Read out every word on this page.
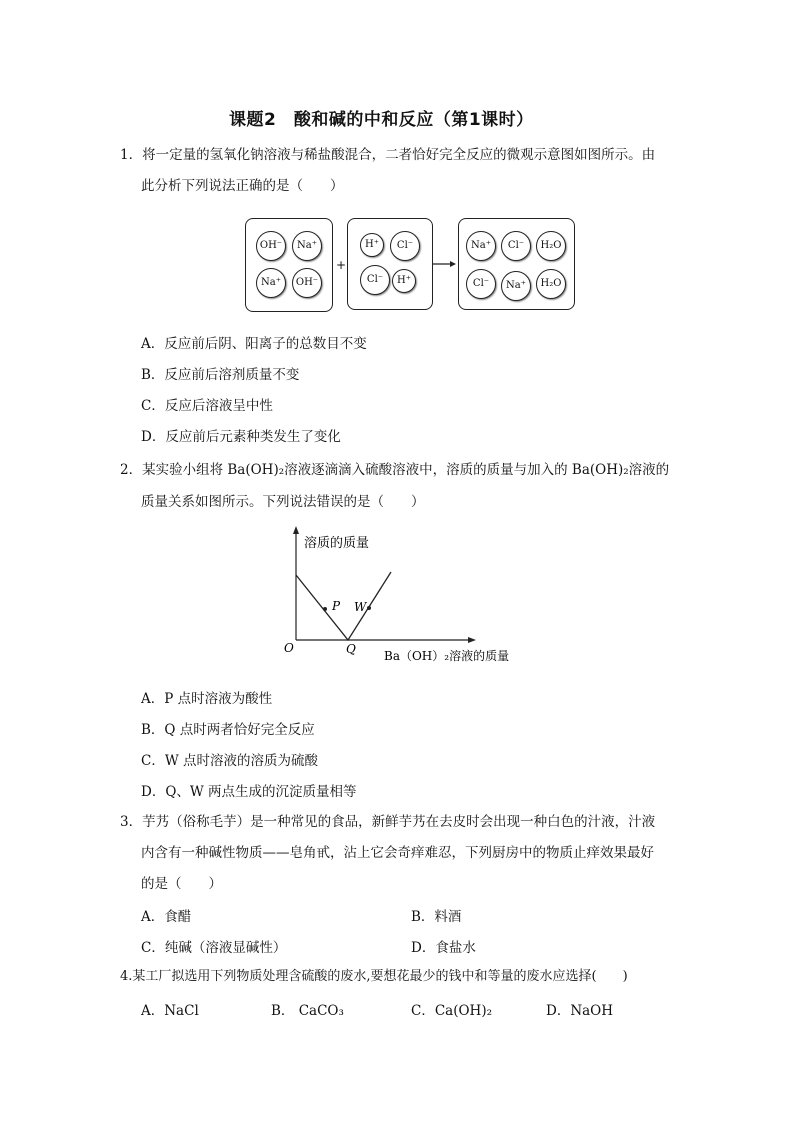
课题2　酸和碱的中和反应（第1课时）
1．将一定量的氢氧化钠溶液与稀盐酸混合，二者恰好完全反应的微观示意图如图所示。由
此分析下列说法正确的是（　　）
OH⁻	Na⁺
Na⁺	OH⁻
+
H⁺	Cl⁻
Cl⁻	H⁺
Na⁺	Cl⁻	H₂O
Cl⁻	Na⁺	H₂O
A．反应前后阴、阳离子的总数目不变
B．反应前后溶剂质量不变
C．反应后溶液呈中性
D．反应前后元素种类发生了变化
2．某实验小组将 Ba(OH)₂溶液逐滴滴入硫酸溶液中，溶质的质量与加入的 Ba(OH)₂溶液的
质量关系如图所示。下列说法错误的是（　　）
溶质的质量
Ba（OH）₂溶液的质量
O	Q
P W
A．P 点时溶液为酸性
B．Q 点时两者恰好完全反应
C．W 点时溶液的溶质为硫酸
D．Q、W 两点生成的沉淀质量相等
3．芋艿（俗称毛芋）是一种常见的食品，新鲜芋艿在去皮时会出现一种白色的汁液，汁液
内含有一种碱性物质——皂角甙，沾上它会奇痒难忍，下列厨房中的物质止痒效果最好
的是（　　）
A．食醋	B．料酒
C．纯碱（溶液显碱性）	D．食盐水
4.某工厂拟选用下列物质处理含硫酸的废水,要想花最少的钱中和等量的废水应选择(　　)
A．NaCl	B． CaCO₃	C．Ca(OH)₂	D．NaOH
